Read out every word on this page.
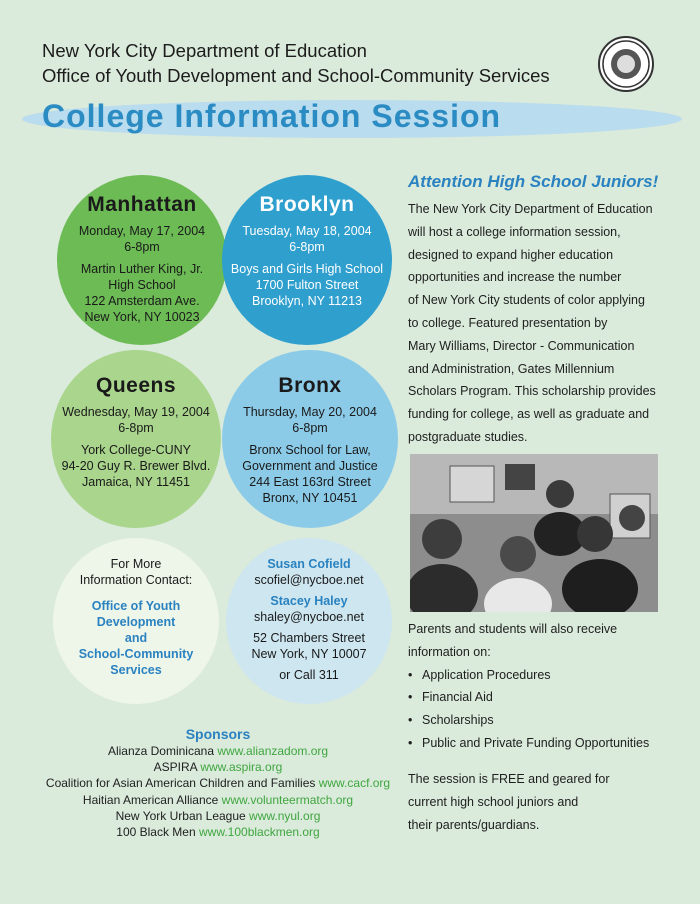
New York City Department of Education
Office of Youth Development and School-Community Services
College Information Session
Manhattan
Monday, May 17, 2004
6-8pm
Martin Luther King, Jr.
High School
122 Amsterdam Ave.
New York, NY 10023
Brooklyn
Tuesday, May 18, 2004
6-8pm
Boys and Girls High School
1700 Fulton Street
Brooklyn, NY 11213
Queens
Wednesday, May 19, 2004
6-8pm
York College-CUNY
94-20 Guy R. Brewer Blvd.
Jamaica, NY 11451
Bronx
Thursday, May 20, 2004
6-8pm
Bronx School for Law,
Government and Justice
244 East 163rd Street
Bronx, NY 10451
For More
Information Contact:
Office of Youth
Development
and
School-Community
Services
Susan Cofield
scofiel@nycboe.net
Stacey Haley
shaley@nycboe.net
52 Chambers Street
New York, NY 10007
or Call 311
Sponsors
Alianza Dominicana www.alianzadom.org
ASPIRA www.aspira.org
Coalition for Asian American Children and Families www.cacf.org
Haitian American Alliance www.volunteermatch.org
New York Urban League www.nyul.org
100 Black Men www.100blackmen.org
Attention High School Juniors!
The New York City Department of Education
will host a college information session,
designed to expand higher education
opportunities and increase the number
of New York City students of color applying
to college. Featured presentation by
Mary Williams, Director - Communication
and Administration, Gates Millennium
Scholars Program. This scholarship provides
funding for college, as well as graduate and
postgraduate studies.
Parents and students will also receive
information on:
• Application Procedures
• Financial Aid
• Scholarships
• Public and Private Funding Opportunities
The session is FREE and geared for
current high school juniors and
their parents/guardians.
